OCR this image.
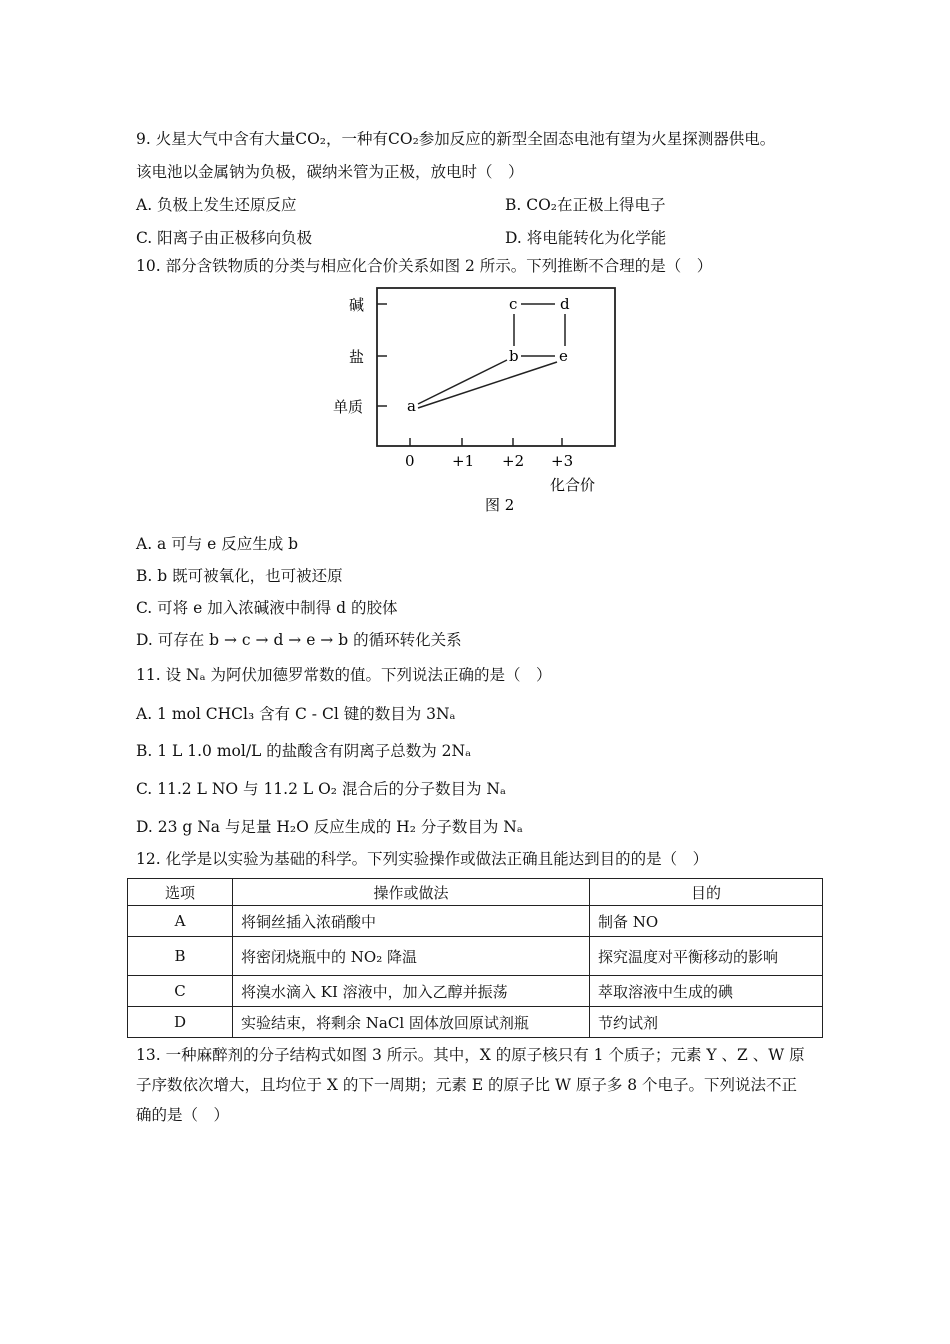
9. 火星大气中含有大量CO₂，一种有CO₂参加反应的新型全固态电池有望为火星探测器供电。
该电池以金属钠为负极，碳纳米管为正极，放电时（　）
A. 负极上发生还原反应	B. CO₂在正极上得电子
C. 阳离子由正极移向负极	D. 将电能转化为化学能
10. 部分含铁物质的分类与相应化合价关系如图 2 所示。下列推断不合理的是（　）
碱
盐
单质
0 +1 +2 +3
化合价
图 2
a
b
c	d
e
A. a 可与 e 反应生成 b
B. b 既可被氧化，也可被还原
C. 可将 e 加入浓碱液中制得 d 的胶体
D. 可存在 b → c → d → e → b 的循环转化关系
11. 设 Nₐ 为阿伏加德罗常数的值。下列说法正确的是（　）
A. 1 mol CHCl₃ 含有 C - Cl 键的数目为 3Nₐ
B. 1 L 1.0 mol/L 的盐酸含有阴离子总数为 2Nₐ
C. 11.2 L NO 与 11.2 L O₂ 混合后的分子数目为 Nₐ
D. 23 g Na 与足量 H₂O 反应生成的 H₂ 分子数目为 Nₐ
12. 化学是以实验为基础的科学。下列实验操作或做法正确且能达到目的的是（　）
选项	操作或做法	目的
A	将铜丝插入浓硝酸中	制备 NO
B	将密闭烧瓶中的 NO₂ 降温	探究温度对平衡移动的影响
C	将溴水滴入 KI 溶液中，加入乙醇并振荡	萃取溶液中生成的碘
D	实验结束，将剩余 NaCl 固体放回原试剂瓶	节约试剂
13. 一种麻醉剂的分子结构式如图 3 所示。其中，X 的原子核只有 1 个质子；元素 Y 、Z 、W 原
子序数依次增大，且均位于 X 的下一周期；元素 E 的原子比 W 原子多 8 个电子。下列说法不正
确的是（　）
